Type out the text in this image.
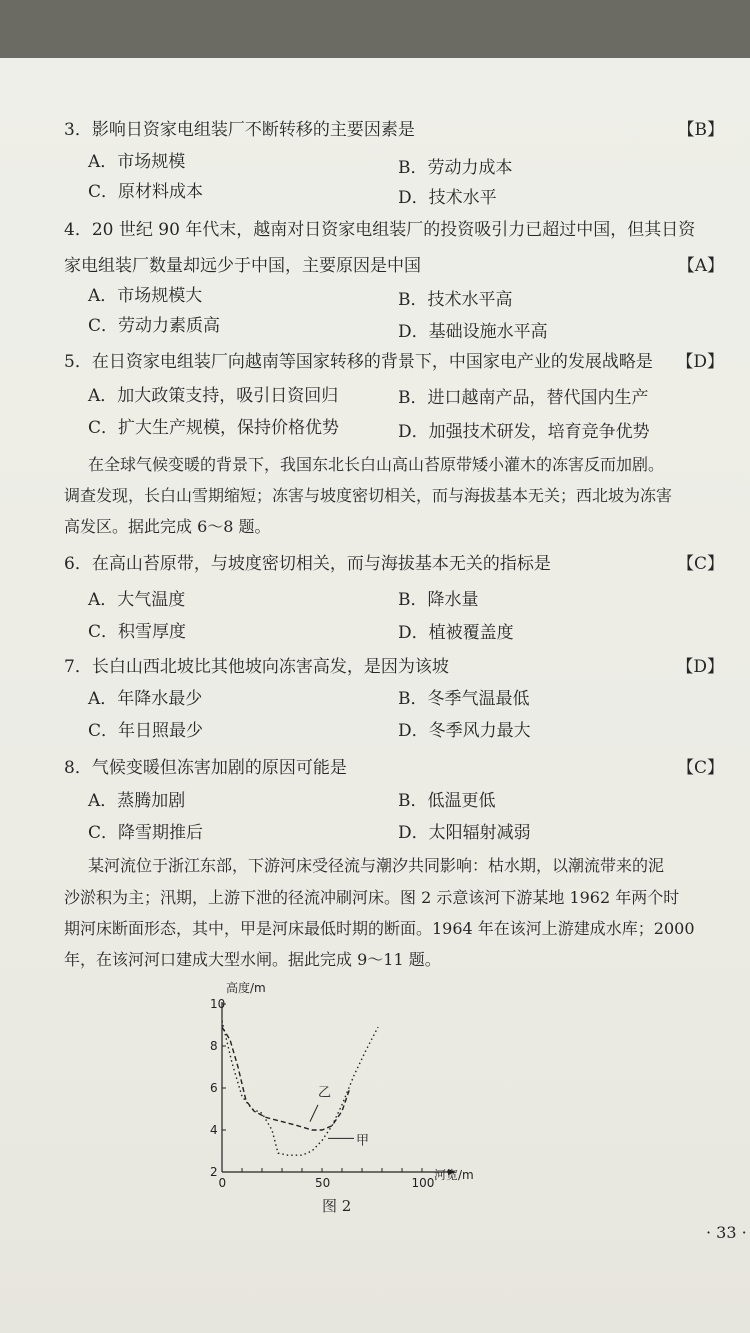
3．影响日资家电组装厂不断转移的主要因素是	【B】
A．市场规模	B．劳动力成本
C．原材料成本	D．技术水平
4．20 世纪 90 年代末，越南对日资家电组装厂的投资吸引力已超过中国，但其日资
家电组装厂数量却远少于中国，主要原因是中国	【A】
A．市场规模大	B．技术水平高
C．劳动力素质高	D．基础设施水平高
5．在日资家电组装厂向越南等国家转移的背景下，中国家电产业的发展战略是 【D】
A．加大政策支持，吸引日资回归	B．进口越南产品，替代国内生产
C．扩大生产规模，保持价格优势	D．加强技术研发，培育竞争优势
在全球气候变暖的背景下，我国东北长白山高山苔原带矮小灌木的冻害反而加剧。
调查发现，长白山雪期缩短；冻害与坡度密切相关，而与海拔基本无关；西北坡为冻害
高发区。据此完成 6～8 题。
6．在高山苔原带，与坡度密切相关，而与海拔基本无关的指标是	【C】
A．大气温度	B．降水量
C．积雪厚度	D．植被覆盖度
7．长白山西北坡比其他坡向冻害高发，是因为该坡	【D】
A．年降水最少	B．冬季气温最低
C．年日照最少	D．冬季风力最大
8．气候变暖但冻害加剧的原因可能是	【C】
A．蒸腾加剧	B．低温更低
C．降雪期推后	D．太阳辐射减弱
某河流位于浙江东部，下游河床受径流与潮汐共同影响：枯水期，以潮流带来的泥
沙淤积为主；汛期，上游下泄的径流冲刷河床。图 2 示意该河下游某地 1962 年两个时
期河床断面形态，其中，甲是河床最低时期的断面。1964 年在该河上游建成水库；2000
年，在该河河口建成大型水闸。据此完成 9～11 题。
2
4
6
8
10
0	50	100
乙
甲
高度/m
河宽/m
图 2
· 33 ·
